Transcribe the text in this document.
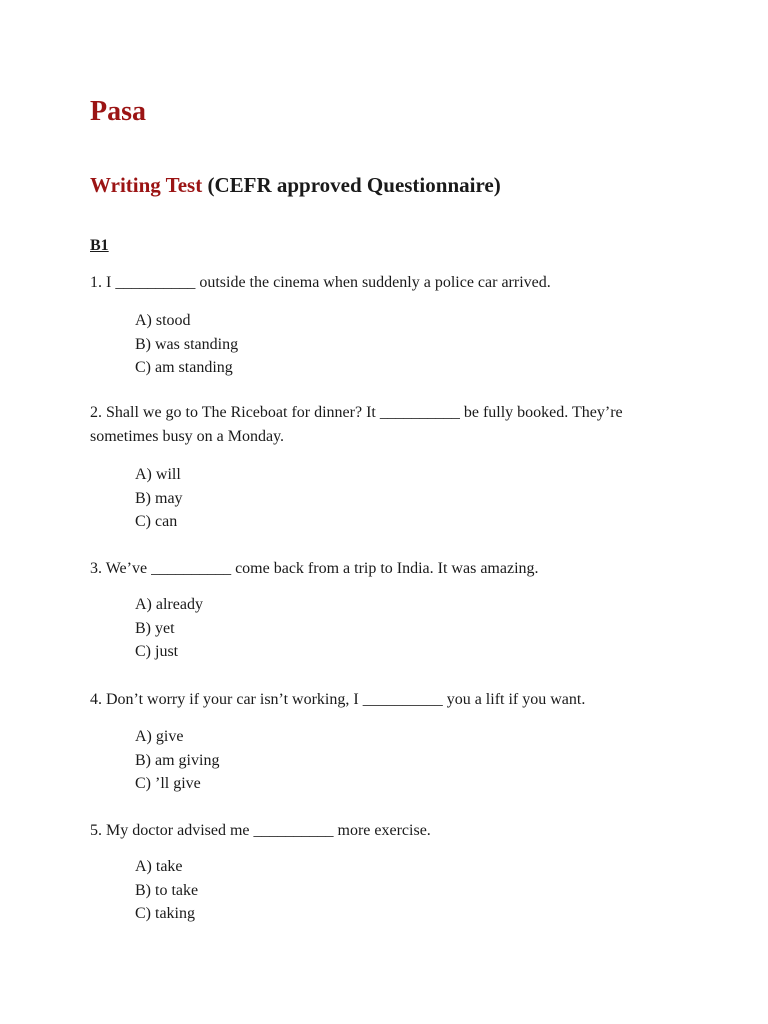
Pasa
Writing Test (CEFR approved Questionnaire)
B1

1. I __________ outside the cinema when suddenly a police car arrived.

A) stood
B) was standing
C) am standing

2. Shall we go to The Riceboat for dinner? It __________ be fully booked. They’re sometimes busy on a Monday.

A) will
B) may
C) can

3. We’ve __________ come back from a trip to India. It was amazing.

A) already
B) yet
C) just

4. Don’t worry if your car isn’t working, I __________ you a lift if you want.

A) give
B) am giving
C) ’ll give

5. My doctor advised me __________ more exercise.

A) take
B) to take
C) taking
